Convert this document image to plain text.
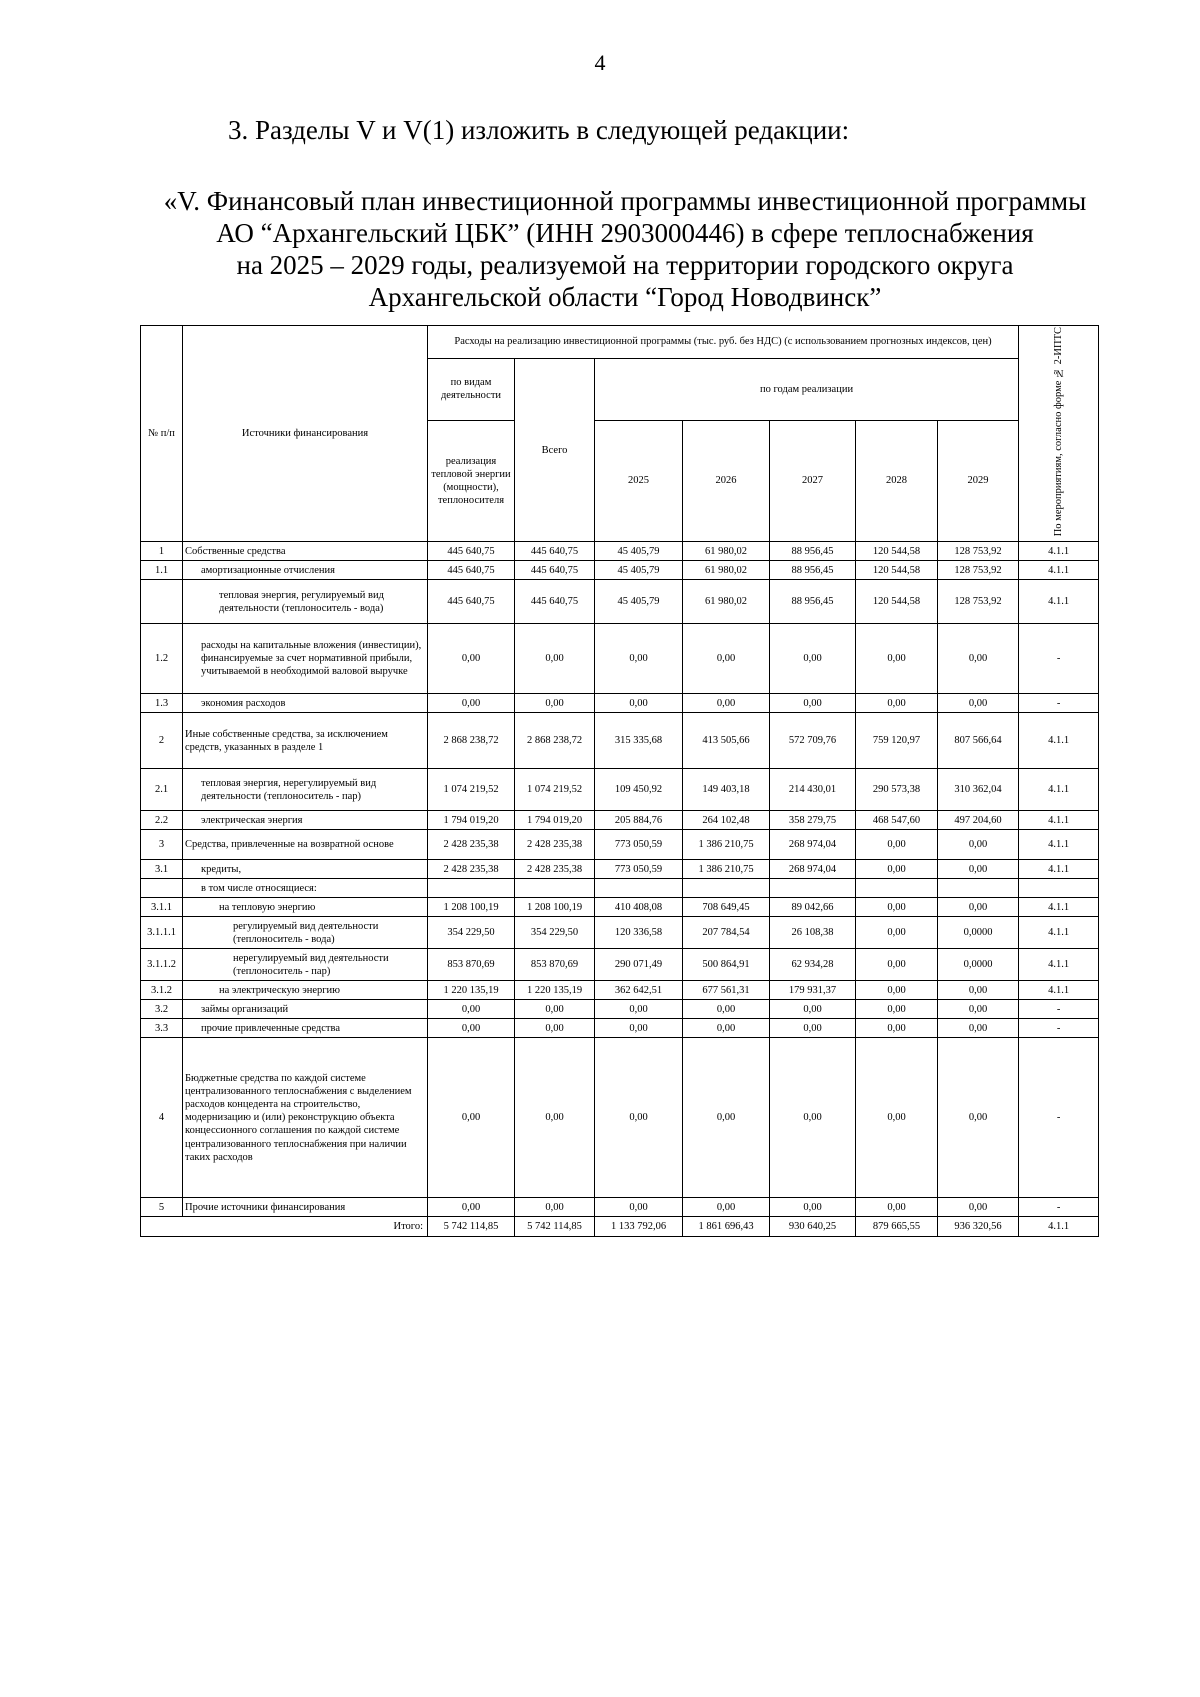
4
3. Разделы V и V(1) изложить в следующей редакции:
«V. Финансовый план инвестиционной программы инвестиционной программы
АО “Архангельский ЦБК” (ИНН 2903000446) в сфере теплоснабжения
на 2025 – 2029 годы, реализуемой на территории городского округа
Архангельской области “Город Новодвинск”
№ п/п	Источники финансирования	Расходы на реализацию инвестиционной программы (тыс. руб. без НДС) (с использованием прогнозных индексов, цен)							По мероприятиям, согласно форме № 2-ИПТС
		по видам деятельности	Всего	по годам реализации					
		реализация тепловой энергии (мощности), теплоносителя		2025	2026	2027	2028	2029	

1	Собственные средства	445 640,75	445 640,75	45 405,79	61 980,02	88 956,45	120 544,58	128 753,92	4.1.1
1.1	амортизационные отчисления	445 640,75	445 640,75	45 405,79	61 980,02	88 956,45	120 544,58	128 753,92	4.1.1
	тепловая энергия, регулируемый вид деятельности (теплоноситель - вода)	445 640,75	445 640,75	45 405,79	61 980,02	88 956,45	120 544,58	128 753,92	4.1.1
1.2	расходы на капитальные вложения (инвестиции), финансируемые за счет нормативной прибыли, учитываемой в необходимой валовой выручке	0,00	0,00	0,00	0,00	0,00	0,00	0,00	-
1.3	экономия расходов	0,00	0,00	0,00	0,00	0,00	0,00	0,00	-
2	Иные собственные средства, за исключением средств, указанных в разделе 1	2 868 238,72	2 868 238,72	315 335,68	413 505,66	572 709,76	759 120,97	807 566,64	4.1.1
2.1	тепловая энергия, нерегулируемый вид деятельности (теплоноситель - пар)	1 074 219,52	1 074 219,52	109 450,92	149 403,18	214 430,01	290 573,38	310 362,04	4.1.1
2.2	электрическая энергия	1 794 019,20	1 794 019,20	205 884,76	264 102,48	358 279,75	468 547,60	497 204,60	4.1.1
3	Средства, привлеченные на возвратной основе	2 428 235,38	2 428 235,38	773 050,59	1 386 210,75	268 974,04	0,00	0,00	4.1.1
3.1	кредиты,	2 428 235,38	2 428 235,38	773 050,59	1 386 210,75	268 974,04	0,00	0,00	4.1.1
	в том числе относящиеся:								
3.1.1	на тепловую энергию	1 208 100,19	1 208 100,19	410 408,08	708 649,45	89 042,66	0,00	0,00	4.1.1
3.1.1.1	регулируемый вид деятельности (теплоноситель - вода)	354 229,50	354 229,50	120 336,58	207 784,54	26 108,38	0,00	0,0000	4.1.1
3.1.1.2	нерегулируемый вид деятельности (теплоноситель - пар)	853 870,69	853 870,69	290 071,49	500 864,91	62 934,28	0,00	0,0000	4.1.1
3.1.2	на электрическую энергию	1 220 135,19	1 220 135,19	362 642,51	677 561,31	179 931,37	0,00	0,00	4.1.1
3.2	займы организаций	0,00	0,00	0,00	0,00	0,00	0,00	0,00	-
3.3	прочие привлеченные средства	0,00	0,00	0,00	0,00	0,00	0,00	0,00	-
4	Бюджетные средства по каждой системе централизованного теплоснабжения с выделением расходов концедента на строительство, модернизацию и (или) реконструкцию объекта концессионного соглашения по каждой системе централизованного теплоснабжения при наличии таких расходов	0,00	0,00	0,00	0,00	0,00	0,00	0,00	-
5	Прочие источники финансирования	0,00	0,00	0,00	0,00	0,00	0,00	0,00	-
Итого:		5 742 114,85	5 742 114,85	1 133 792,06	1 861 696,43	930 640,25	879 665,55	936 320,56	4.1.1
